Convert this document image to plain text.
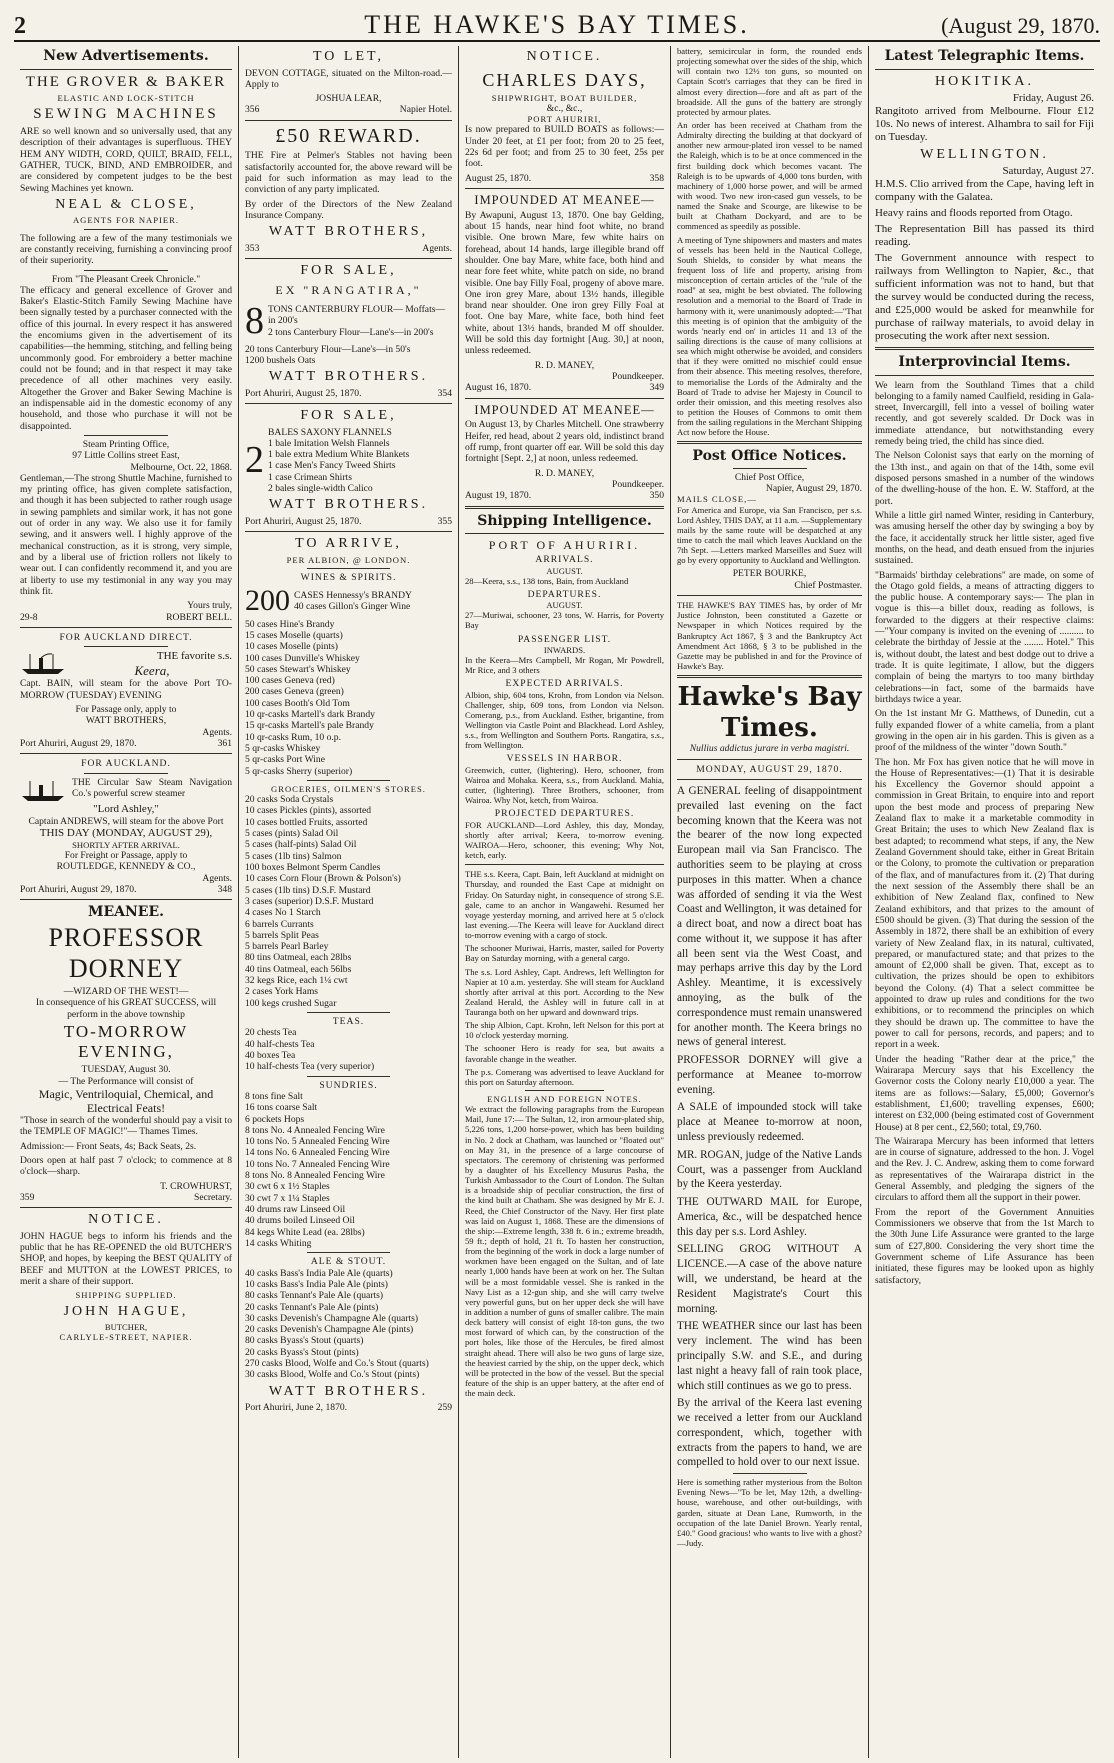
2	THE HAWKE'S BAY TIMES.	(August 29, 1870.
New Advertisements.
THE GROVER & BAKER
ELASTIC AND LOCK-STITCH
SEWING MACHINES

ARE so well known and so universally used, that any description of their advantages is superfluous. THEY HEM ANY WIDTH, CORD, QUILT, BRAID, FELL, GATHER, TUCK, BIND, AND EMBROIDER, and are considered by competent judges to be the best Sewing Machines yet known.

NEAL & CLOSE,
AGENTS FOR NAPIER.

The following are a few of the many testimonials we are constantly receiving, furnishing a convincing proof of their superiority.

From "The Pleasant Creek Chronicle."

The efficacy and general excellence of Grover and Baker's Elastic-Stitch Family Sewing Machine have been signally tested by a purchaser connected with the office of this journal. In every respect it has answered the encomiums given in the advertisement of its capabilities—the hemming, stitching, and felling being uncommonly good. For embroidery a better machine could not be found; and in that respect it may take precedence of all other machines very easily. Altogether the Grover and Baker Sewing Machine is an indispensable aid in the domestic economy of any household, and those who purchase it will not be disappointed.

Steam Printing Office,
97 Little Collins street East,
Melbourne, Oct. 22, 1868.

Gentleman,—The strong Shuttle Machine, furnished to my printing office, has given complete satisfaction, and though it has been subjected to rather rough usage in sewing pamphlets and similar work, it has not gone out of order in any way. We also use it for family sewing, and it answers well. I highly approve of the mechanical construction, as it is strong, very simple, and by a liberal use of friction rollers not likely to wear out. I can confidently recommend it, and you are at liberty to use my testimonial in any way you may think fit.

Yours truly,
29-8	ROBERT BELL.
FOR AUCKLAND DIRECT.
THE favorite s.s.
Keera,

Capt. BAIN, will steam for the above Port TO-MORROW (TUESDAY) EVENING

For Passage only, apply to
WATT BROTHERS,
Agents.
Port Ahuriri, August 29, 1870.	361
FOR AUCKLAND.

THE Circular Saw Steam Navigation Co.'s powerful screw steamer

"Lord Ashley,"
Captain ANDREWS, will steam for the above Port
THIS DAY (MONDAY, AUGUST 29),
SHORTLY AFTER ARRIVAL.
For Freight or Passage, apply to
ROUTLEDGE, KENNEDY & CO.,
Agents.
Port Ahuriri, August 29, 1870.	348
MEANEE.
PROFESSOR DORNEY
—WIZARD OF THE WEST!—
In consequence of his GREAT SUCCESS, will perform in the above township
TO-MORROW EVENING,
TUESDAY, August 30.
— The Performance will consist of
Magic, Ventriloquial, Chemical, and Electrical Feats!

"Those in search of the wonderful should pay a visit to the TEMPLE OF MAGIC!"— Thames Times.

Admission:— Front Seats, 4s; Back Seats, 2s.

Doors open at half past 7 o'clock; to commence at 8 o'clock—sharp.

T. CROWHURST,
359	Secretary.
NOTICE.

JOHN HAGUE begs to inform his friends and the public that he has RE-OPENED the old BUTCHER'S SHOP, and hopes, by keeping the BEST QUALITY of BEEF and MUTTON at the LOWEST PRICES, to merit a share of their support.

SHIPPING SUPPLIED.
JOHN HAGUE,
BUTCHER,
CARLYLE-STREET, NAPIER.
TO LET,

DEVON COTTAGE, situated on the Milton-road.—Apply to

JOSHUA LEAR,
356	Napier Hotel.
£50 REWARD.

THE Fire at Pelmer's Stables not having been satisfactorily accounted for, the above reward will be paid for such information as may lead to the conviction of any party implicated.

By order of the Directors of the New Zealand Insurance Company.

WATT BROTHERS,
353	Agents.
FOR SALE,
EX "RANGATIRA,"
8 TONS CANTERBURY FLOUR— Moffats—in 200's
2 tons Canterbury Flour—Lane's—in 200's
20 tons Canterbury Flour—Lane's—in 50's
1200 bushels Oats
WATT BROTHERS.
Port Ahuriri, August 25, 1870.	354
FOR SALE,
2
BALES SAXONY FLANNELS
1 bale Imitation Welsh Flannels
1 bale extra Medium White Blankets
1 case Men's Fancy Tweed Shirts
1 case Crimean Shirts
2 bales single-width Calico
WATT BROTHERS.
Port Ahuriri, August 25, 1870.	355
TO ARRIVE,
PER ALBION, @ LONDON.
WINES & SPIRITS.
200 CASES Hennessy's BRANDY
40 cases Gillon's Ginger Wine
50 cases Hine's Brandy
15 cases Moselle (quarts)
10 cases Moselle (pints)
100 cases Dunville's Whiskey
50 cases Stewart's Whiskey
100 cases Geneva (red)
200 cases Geneva (green)
100 cases Booth's Old Tom
10 qr-casks Martell's dark Brandy
15 qr-casks Martell's pale Brandy
10 qr-casks Rum, 10 o.p.
5 qr-casks Whiskey
5 qr-casks Port Wine
5 qr-casks Sherry (superior)
GROCERIES, OILMEN'S STORES.
20 casks Soda Crystals
10 cases Pickles (pints), assorted
10 cases bottled Fruits, assorted
5 cases (pints) Salad Oil
5 cases (half-pints) Salad Oil
5 cases (1lb tins) Salmon
100 boxes Belmont Sperm Candles
10 cases Corn Flour (Brown & Polson's)
5 cases (1lb tins) D.S.F. Mustard
3 cases (superior) D.S.F. Mustard
4 cases No 1 Starch
6 barrels Currants
5 barrels Split Peas
5 barrels Pearl Barley
80 tins Oatmeal, each 28lbs
40 tins Oatmeal, each 56lbs
32 kegs Rice, each 1¼ cwt
2 cases York Hams
100 kegs crushed Sugar
TEAS.
20 chests Tea
40 half-chests Tea
40 boxes Tea
10 half-chests Tea (very superior)
SUNDRIES.
8 tons fine Salt
16 tons coarse Salt
6 pockets Hops
8 tons No. 4 Annealed Fencing Wire
10 tons No. 5 Annealed Fencing Wire
14 tons No. 6 Annealed Fencing Wire
10 tons No. 7 Annealed Fencing Wire
8 tons No. 8 Annealed Fencing Wire
30 cwt 6 x 1½ Staples
30 cwt 7 x 1¼ Staples
40 drums raw Linseed Oil
40 drums boiled Linseed Oil
84 kegs White Lead (ea. 28lbs)
14 casks Whiting
ALE & STOUT.
40 casks Bass's India Pale Ale (quarts)
10 casks Bass's India Pale Ale (pints)
80 casks Tennant's Pale Ale (quarts)
20 casks Tennant's Pale Ale (pints)
30 casks Devenish's Champagne Ale (quarts)
20 casks Devenish's Champagne Ale (pints)
80 casks Byass's Stout (quarts)
20 casks Byass's Stout (pints)
270 casks Blood, Wolfe and Co.'s Stout (quarts)
30 casks Blood, Wolfe and Co.'s Stout (pints)
WATT BROTHERS.
Port Ahuriri, June 2, 1870.	259
NOTICE.
CHARLES DAYS,
SHIPWRIGHT, BOAT BUILDER,
&c., &c.,
PORT AHURIRI,

Is now prepared to BUILD BOATS as follows:—Under 20 feet, at £1 per foot; from 20 to 25 feet, 22s 6d per foot; and from 25 to 30 feet, 25s per foot.

August 25, 1870.	358
IMPOUNDED AT MEANEE—

By Awapuni, August 13, 1870. One bay Gelding, about 15 hands, near hind foot white, no brand visible. One brown Mare, few white hairs on forehead, about 14 hands, large illegible brand off shoulder. One bay Mare, white face, both hind and near fore feet white, white patch on side, no brand visible. One bay Filly Foal, progeny of above mare. One iron grey Mare, about 13½ hands, illegible brand near shoulder. One iron grey Filly Foal at foot. One bay Mare, white face, both hind feet white, about 13½ hands, branded M off shoulder. Will be sold this day fortnight [Aug. 30,] at noon, unless redeemed.

R. D. MANEY,
Poundkeeper.
August 16, 1870.	349
IMPOUNDED AT MEANEE—

On August 13, by Charles Mitchell. One strawberry Heifer, red head, about 2 years old, indistinct brand off rump, front quarter off ear. Will be sold this day fortnight [Sept. 2,] at noon, unless redeemed.

R. D. MANEY,
Poundkeeper.
August 19, 1870.	350
Shipping Intelligence.
PORT OF AHURIRI.
ARRIVALS.
AUGUST.

28—Keera, s.s., 138 tons, Bain, from Auckland

DEPARTURES.
AUGUST.

27—Muriwai, schooner, 23 tons, W. Harris, for Poverty Bay

PASSENGER LIST.
INWARDS.

In the Keera—Mrs Campbell, Mr Rogan, Mr Powdrell, Mr Rice, and 3 others

EXPECTED ARRIVALS.

Albion, ship, 604 tons, Krohn, from London via Nelson. Challenger, ship, 609 tons, from London via Nelson. Comerang, p.s., from Auckland. Esther, brigantine, from Wellington via Castle Point and Blackhead. Lord Ashley, s.s., from Wellington and Southern Ports. Rangatira, s.s., from Wellington.

VESSELS IN HARBOR.

Greenwich, cutter, (lightering). Hero, schooner, from Wairoa and Mohaka. Keera, s.s., from Auckland. Mahia, cutter, (lightering). Three Brothers, schooner, from Wairoa. Why Not, ketch, from Wairoa.

PROJECTED DEPARTURES.

FOR AUCKLAND—Lord Ashley, this day, Monday, shortly after arrival; Keera, to-morrow evening. WAIROA—Hero, schooner, this evening; Why Not, ketch, early.

THE s.s. Keera, Capt. Bain, left Auckland at midnight on Thursday, and rounded the East Cape at midnight on Friday. On Saturday night, in consequence of strong S.E. gale, came to an anchor in Wangawehi. Resumed her voyage yesterday morning, and arrived here at 5 o'clock last evening.—The Keera will leave for Auckland direct to-morrow evening with a cargo of stock.

The schooner Muriwai, Harris, master, sailed for Poverty Bay on Saturday morning, with a general cargo.

The s.s. Lord Ashley, Capt. Andrews, left Wellington for Napier at 10 a.m. yesterday. She will steam for Auckland shortly after arrival at this port. According to the New Zealand Herald, the Ashley will in future call in at Tauranga both on her upward and downward trips.

The ship Albion, Capt. Krohn, left Nelson for this port at 10 o'clock yesterday morning.

The schooner Hero is ready for sea, but awaits a favorable change in the weather.

The p.s. Comerang was advertised to leave Auckland for this port on Saturday afternoon.

ENGLISH AND FOREIGN NOTES.

We extract the following paragraphs from the European Mail, June 17:— The Sultan, 12, iron armour-plated ship, 5,226 tons, 1,200 horse-power, which has been building in No. 2 dock at Chatham, was launched or "floated out" on May 31, in the presence of a large concourse of spectators. The ceremony of christening was performed by a daughter of his Excellency Musurus Pasha, the Turkish Ambassador to the Court of London. The Sultan is a broadside ship of peculiar construction, the first of the kind built at Chatham. She was designed by Mr E. J. Reed, the Chief Constructor of the Navy. Her first plate was laid on August 1, 1868. These are the dimensions of the ship:—Extreme length, 338 ft. 6 in.; extreme breadth, 59 ft.; depth of hold, 21 ft. To hasten her construction, from the beginning of the work in dock a large number of workmen have been engaged on the Sultan, and of late nearly 1,000 hands have been at work on her. The Sultan will be a most formidable vessel. She is ranked in the Navy List as a 12-gun ship, and she will carry twelve very powerful guns, but on her upper deck she will have in addition a number of guns of smaller calibre. The main deck battery will consist of eight 18-ton guns, the two most forward of which can, by the construction of the port holes, like those of the Hercules, be fired almost straight ahead. There will also be two guns of large size, the heaviest carried by the ship, on the upper deck, which will be protected in the bow of the vessel. But the special feature of the ship is an upper battery, at the after end of the main deck.

battery, semicircular in form, the rounded ends projecting somewhat over the sides of the ship, which will contain two 12½ ton guns, so mounted on Captain Scott's carriages that they can be fired in almost every direction—fore and aft as part of the broadside. All the guns of the battery are strongly protected by armour plates.

An order has been received at Chatham from the Admiralty directing the building at that dockyard of another new armour-plated iron vessel to be named the Raleigh, which is to be at once commenced in the first building dock which becomes vacant. The Raleigh is to be upwards of 4,000 tons burden, with machinery of 1,000 horse power, and will be armed with wood. Two new iron-cased gun vessels, to be named the Snake and Scourge, are likewise to be built at Chatham Dockyard, and are to be commenced as speedily as possible.

A meeting of Tyne shipowners and masters and mates of vessels has been held in the Nautical College, South Shields, to consider by what means the frequent loss of life and property, arising from misconception of certain articles of the "rule of the road" at sea, might be best obviated. The following resolution and a memorial to the Board of Trade in harmony with it, were unanimously adopted:—"That this meeting is of opinion that the ambiguity of the words 'nearly end on' in articles 11 and 13 of the sailing directions is the cause of many collisions at sea which might otherwise be avoided, and considers that if they were omitted no mischief could ensue from their absence. This meeting resolves, therefore, to memorialise the Lords of the Admiralty and the Board of Trade to advise her Majesty in Council to order their omission, and this meeting resolves also to petition the Houses of Commons to omit them from the sailing regulations in the Merchant Shipping Act now before the House.

Post Office Notices.
Chief Post Office,
Napier, August 29, 1870.
MAILS CLOSE,—

For America and Europe, via San Francisco, per s.s. Lord Ashley, THIS DAY, at 11 a.m. —Supplementary mails by the same route will be despatched at any time to catch the mail which leaves Auckland on the 7th Sept. —Letters marked Marseilles and Suez will go by every opportunity to Auckland and Wellington.

PETER BOURKE,
Chief Postmaster.

THE HAWKE'S BAY TIMES has, by order of Mr Justice Johnston, been constituted a Gazette or Newspaper in which Notices required by the Bankruptcy Act 1867, § 3 and the Bankruptcy Act Amendment Act 1868, § 3 to be published in the Gazette may be published in and for the Province of Hawke's Bay.

Hawke's Bay Times.
Nullius addictus jurare in verba magistri.
MONDAY, AUGUST 29, 1870.

A GENERAL feeling of disappointment prevailed last evening on the fact becoming known that the Keera was not the bearer of the now long expected European mail via San Francisco. The authorities seem to be playing at cross purposes in this matter. When a chance was afforded of sending it via the West Coast and Wellington, it was detained for a direct boat, and now a direct boat has come without it, we suppose it has after all been sent via the West Coast, and may perhaps arrive this day by the Lord Ashley. Meantime, it is excessively annoying, as the bulk of the correspondence must remain unanswered for another month. The Keera brings no news of general interest.

PROFESSOR DORNEY will give a performance at Meanee to-morrow evening.

A SALE of impounded stock will take place at Meanee to-morrow at noon, unless previously redeemed.

MR. ROGAN, judge of the Native Lands Court, was a passenger from Auckland by the Keera yesterday.

THE OUTWARD MAIL for Europe, America, &c., will be despatched hence this day per s.s. Lord Ashley.

SELLING GROG WITHOUT A LICENCE.—A case of the above nature will, we understand, be heard at the Resident Magistrate's Court this morning.

THE WEATHER since our last has been very inclement. The wind has been principally S.W. and S.E., and during last night a heavy fall of rain took place, which still continues as we go to press.

By the arrival of the Keera last evening we received a letter from our Auckland correspondent, which, together with extracts from the papers to hand, we are compelled to hold over to our next issue.

Here is something rather mysterious from the Bolton Evening News—"To be let, May 12th, a dwelling-house, warehouse, and other out-buildings, with garden, situate at Dean Lane, Rumworth, in the occupation of the late Daniel Brown. Yearly rental, £40." Good gracious! who wants to live with a ghost?—Judy.

Latest Telegraphic Items.
HOKITIKA.
Friday, August 26.

Rangitoto arrived from Melbourne. Flour £12 10s. No news of interest. Alhambra to sail for Fiji on Tuesday.

WELLINGTON.
Saturday, August 27.

H.M.S. Clio arrived from the Cape, having left in company with the Galatea.

Heavy rains and floods reported from Otago.

The Representation Bill has passed its third reading.

The Government announce with respect to railways from Wellington to Napier, &c., that sufficient information was not to hand, but that the survey would be conducted during the recess, and £25,000 would be asked for meanwhile for purchase of railway materials, to avoid delay in prosecuting the work after next session.

Interprovincial Items.

We learn from the Southland Times that a child belonging to a family named Caulfield, residing in Gala-street, Invercargill, fell into a vessel of boiling water recently, and got severely scalded. Dr Dock was in immediate attendance, but notwithstanding every remedy being tried, the child has since died.

The Nelson Colonist says that early on the morning of the 13th inst., and again on that of the 14th, some evil disposed persons smashed in a number of the windows of the dwelling-house of the hon. E. W. Stafford, at the port.

While a little girl named Winter, residing in Canterbury, was amusing herself the other day by swinging a boy by the face, it accidentally struck her little sister, aged five months, on the head, and death ensued from the injuries sustained.

"Barmaids' birthday celebrations" are made, on some of the Otago gold fields, a means of attracting diggers to the public house. A contemporary says:— The plan in vogue is this—a billet doux, reading as follows, is forwarded to the diggers at their respective claims:—"Your company is invited on the evening of .......... to celebrate the birthday of Jessie at the ........ Hotel." This is, without doubt, the latest and best dodge out to drive a trade. It is quite legitimate, I allow, but the diggers complain of being the martyrs to too many birthday celebrations—in fact, some of the barmaids have birthdays twice a year.

On the 1st instant Mr G. Matthews, of Dunedin, cut a fully expanded flower of a white camelia, from a plant growing in the open air in his garden. This is given as a proof of the mildness of the winter "down South."

The hon. Mr Fox has given notice that he will move in the House of Representatives:—(1) That it is desirable his Excellency the Governor should appoint a commission in Great Britain, to enquire into and report upon the best mode and process of preparing New Zealand flax to make it a marketable commodity in Great Britain; the uses to which New Zealand flax is best adapted; to recommend what steps, if any, the New Zealand Government should take, either in Great Britain or the Colony, to promote the cultivation or preparation of the flax, and of manufactures from it. (2) That during the next session of the Assembly there shall be an exhibition of New Zealand flax, confined to New Zealand exhibitors, and that prizes to the amount of £500 should be given. (3) That during the session of the Assembly in 1872, there shall be an exhibition of every variety of New Zealand flax, in its natural, cultivated, prepared, or manufactured state; and that prizes to the amount of £2,000 shall be given. That, except as to cultivation, the prizes should be open to exhibitors beyond the Colony. (4) That a select committee be appointed to draw up rules and conditions for the two exhibitions, or to recommend the principles on which they should be drawn up. The committee to have the power to call for persons, records, and papers; and to report in a week.

Under the heading "Rather dear at the price," the Wairarapa Mercury says that his Excellency the Governor costs the Colony nearly £10,000 a year. The items are as follows:—Salary, £5,000; Governor's establishment, £1,600; travelling expenses, £600; interest on £32,000 (being estimated cost of Government House) at 8 per cent., £2,560; total, £9,760.

The Wairarapa Mercury has been informed that letters are in course of signature, addressed to the hon. J. Vogel and the Rev. J. C. Andrew, asking them to come forward as representatives of the Wairarapa district in the General Assembly, and pledging the signers of the circulars to afford them all the support in their power.

From the report of the Government Annuities Commissioners we observe that from the 1st March to the 30th June Life Assurance were granted to the large sum of £27,800. Considering the very short time the Government scheme of Life Assurance has been initiated, these figures may be looked upon as highly satisfactory,
